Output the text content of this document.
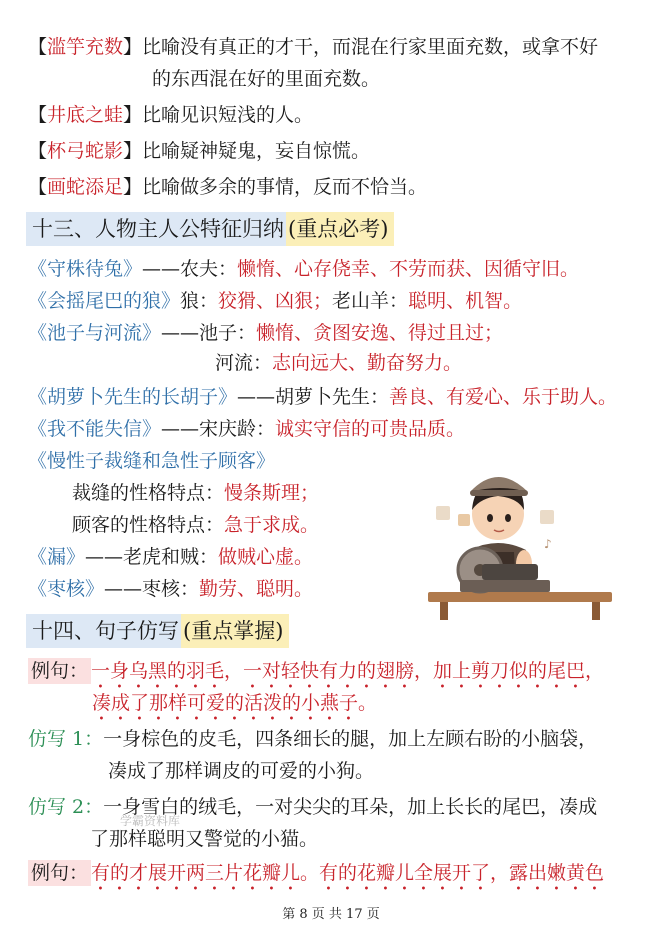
【滥竽充数】比喻没有真正的才干，而混在行家里面充数，或拿不好
的东西混在好的里面充数。
【井底之蛙】比喻见识短浅的人。
【杯弓蛇影】比喻疑神疑鬼，妄自惊慌。
【画蛇添足】比喻做多余的事情，反而不恰当。
十三、人物主人公特征归纳 (重点必考)
《守株待兔》——农夫：懒惰、心存侥幸、不劳而获、因循守旧。
《会摇尾巴的狼》狼：狡猾、凶狠；老山羊：聪明、机智。
《池子与河流》——池子：懒惰、贪图安逸、得过且过；
河流：志向远大、勤奋努力。
《胡萝卜先生的长胡子》——胡萝卜先生：善良、有爱心、乐于助人。
《我不能失信》——宋庆龄：诚实守信的可贵品质。
《慢性子裁缝和急性子顾客》
裁缝的性格特点：慢条斯理；
顾客的性格特点：急于求成。
《漏》——老虎和贼：做贼心虚。
《枣核》——枣核：勤劳、聪明。
♪
十四、句子仿写 (重点掌握)
例句： 一身乌黑的羽毛，一对轻快有力的翅膀，加上剪刀似的尾巴，
凑成了那样可爱的活泼的小燕子。
仿写 1：一身棕色的皮毛，四条细长的腿，加上左顾右盼的小脑袋，
凑成了那样调皮的可爱的小狗。
仿写 2：一身雪白的绒毛，一对尖尖的耳朵，加上长长的尾巴，凑成
了那样聪明又警觉的小猫。
学霸资料库
例句： 有的才展开两三片花瓣儿。有的花瓣儿全展开了，露出嫩黄色
第 8 页 共 17 页
